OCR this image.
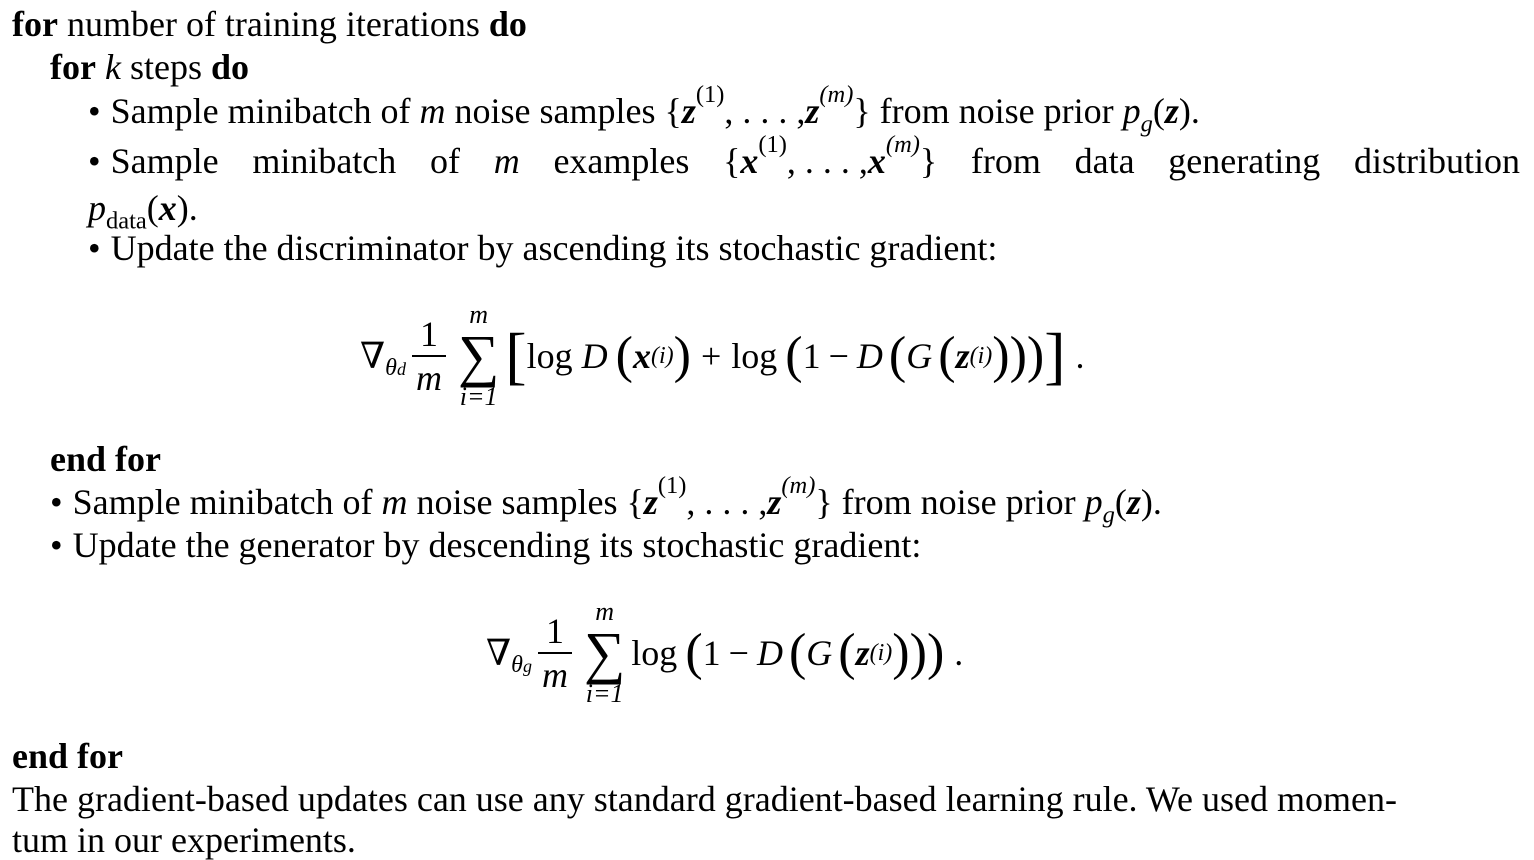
for number of training iterations do
for k steps do
• Sample minibatch of m noise samples {$z^{(1)}$, . . . $,z^{(m)}$} from noise prior $p_g(z)$.
• Sample minibatch of m examples {$x^{(1)}$, . . . $,x^{(m)}$} from data generating distribution
$p_{data}(x)$.
• Update the discriminator by ascending its stochastic gradient:
∇ θd $\frac{1}{m}$
m
∑
i=1
[ log
D ( x (i) ) + log ( 1 − D ( G ( z (i) ) ) ) ] .
end for
• Sample minibatch of m noise samples {$z^{(1)}$, . . . $,z^{(m)}$} from noise prior $p_g(z)$.
• Update the generator by descending its stochastic gradient:
∇ θg $\frac{1}{m}$
m
∑
i=1
log ( 1 − D ( G ( z (i) ) ) ) .
end for
The gradient-based updates can use any standard gradient-based learning rule. We used momen-
tum in our experiments.
